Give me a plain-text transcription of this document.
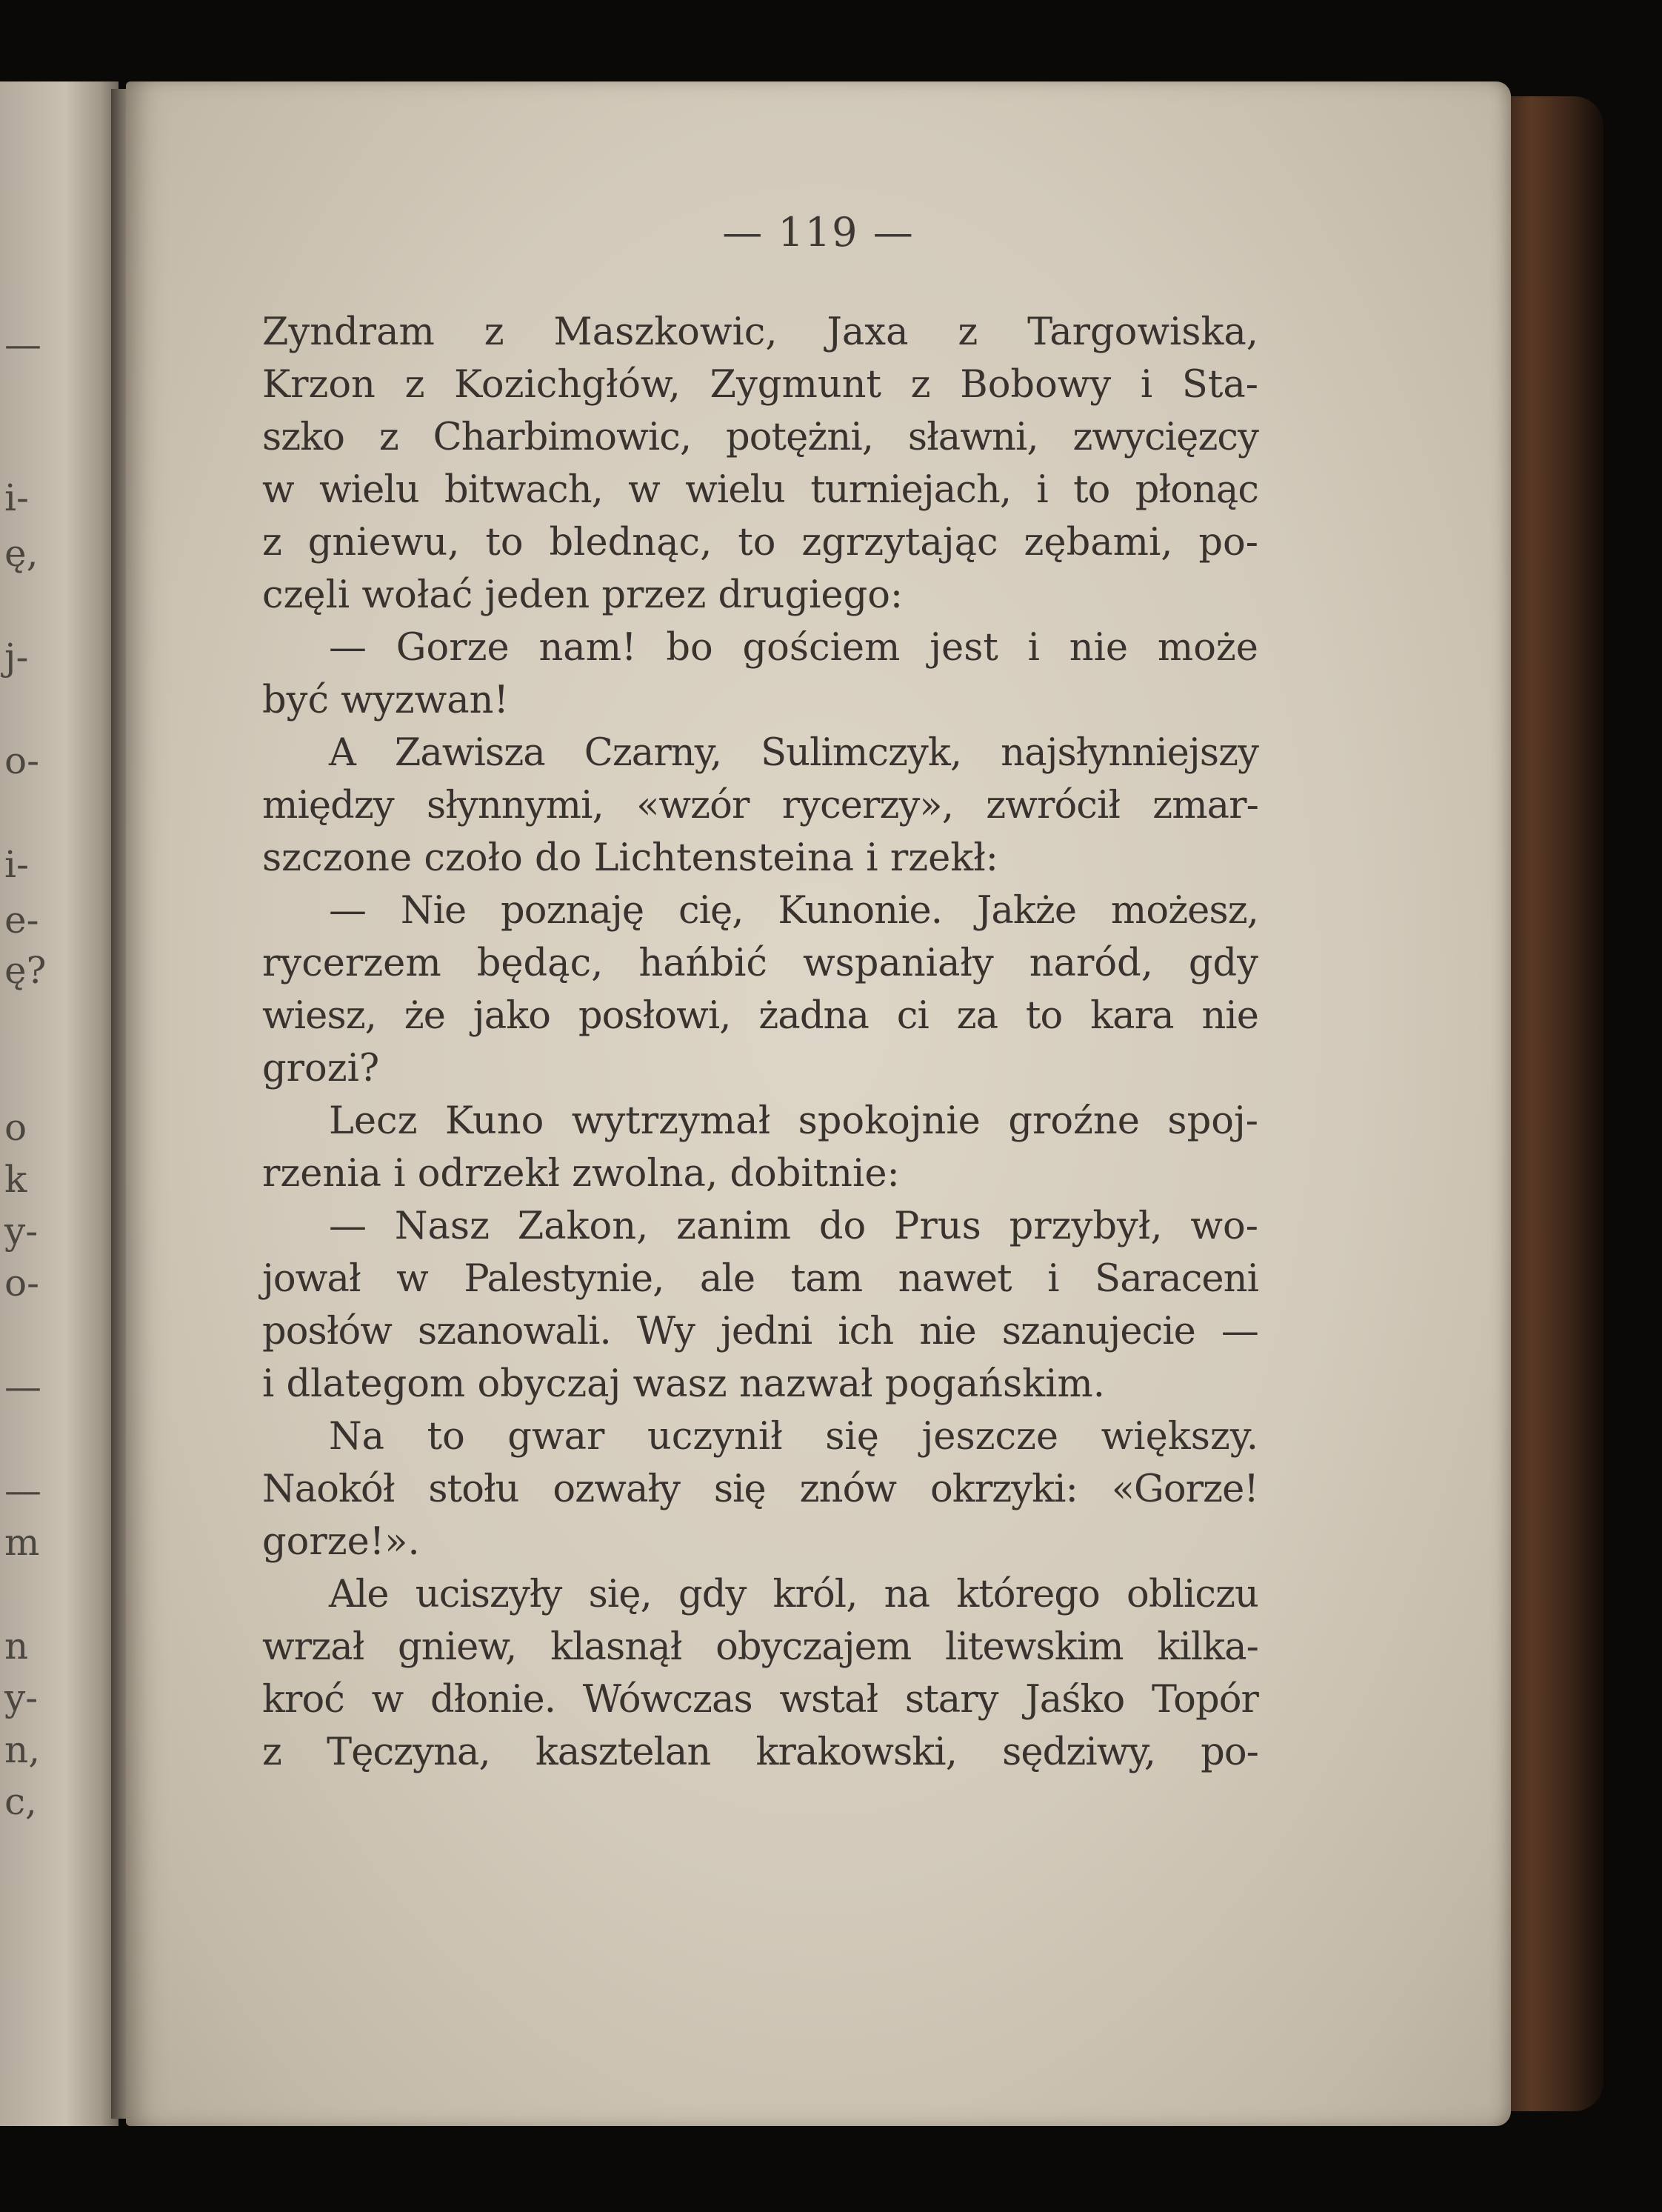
—
i-
ę,
j-
o-
i-
e-
ę?
o
k
y-
o-
—
—
m
n
y-
n,
c,
— 119 —
Zyndram z Maszkowic, Jaxa z Targowiska,
Krzon z Kozichgłów, Zygmunt z Bobowy i Sta-
szko z Charbimowic, potężni, sławni, zwycięzcy
w wielu bitwach, w wielu turniejach, i to płonąc
z gniewu, to blednąc, to zgrzytając zębami, po-
częli wołać jeden przez drugiego:
— Gorze nam! bo gościem jest i nie może
być wyzwan!
A Zawisza Czarny, Sulimczyk, najsłynniejszy
między słynnymi, «wzór rycerzy», zwrócił zmar-
szczone czoło do Lichtensteina i rzekł:
— Nie poznaję cię, Kunonie. Jakże możesz,
rycerzem będąc, hańbić wspaniały naród, gdy
wiesz, że jako posłowi, żadna ci za to kara nie
grozi?
Lecz Kuno wytrzymał spokojnie groźne spoj-
rzenia i odrzekł zwolna, dobitnie:
— Nasz Zakon, zanim do Prus przybył, wo-
jował w Palestynie, ale tam nawet i Saraceni
posłów szanowali. Wy jedni ich nie szanujecie —
i dlategom obyczaj wasz nazwał pogańskim.
Na to gwar uczynił się jeszcze większy.
Naokół stołu ozwały się znów okrzyki: «Gorze!
gorze!».
Ale uciszyły się, gdy król, na którego obliczu
wrzał gniew, klasnął obyczajem litewskim kilka-
kroć w dłonie. Wówczas wstał stary Jaśko Topór
z Tęczyna, kasztelan krakowski, sędziwy, po-
